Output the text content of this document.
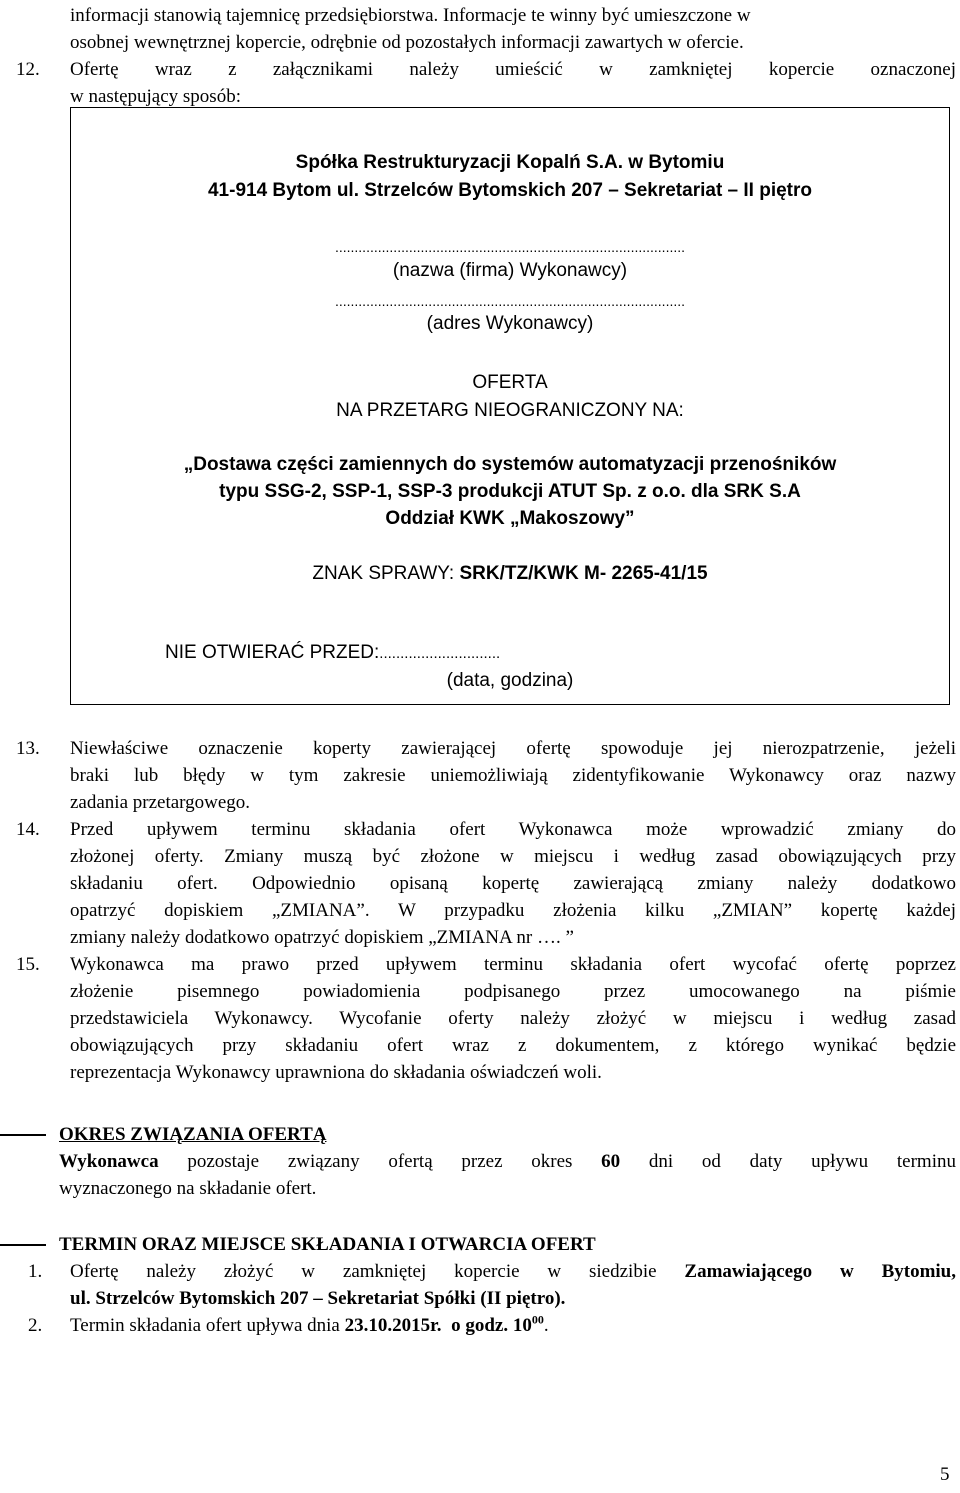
informacji stanowią tajemnicę przedsiębiorstwa. Informacje te winny być umieszczone w
osobnej wewnętrznej kopercie, odrębnie od pozostałych informacji zawartych w ofercie.
12. Ofertę wraz z załącznikami należy umieścić w zamkniętej kopercie oznaczonej
w następujący sposób:
Spółka Restrukturyzacji Kopalń S.A. w Bytomiu
41-914 Bytom ul. Strzelców Bytomskich 207 – Sekretariat – II piętro
..........................................................................................
(nazwa (firma) Wykonawcy)
..........................................................................................
(adres Wykonawcy)
OFERTA
NA PRZETARG NIEOGRANICZONY NA:
„Dostawa części zamiennych do systemów automatyzacji przenośników
typu SSG-2, SSP-1, SSP-3 produkcji ATUT Sp. z o.o. dla SRK S.A
Oddział KWK „Makoszowy”
ZNAK SPRAWY: SRK/TZ/KWK M- 2265-41/15
NIE OTWIERAĆ PRZED:.............................
(data, godzina)
13. Niewłaściwe oznaczenie koperty zawierającej ofertę spowoduje jej nierozpatrzenie, jeżeli
braki lub błędy w tym zakresie uniemożliwiają zidentyfikowanie Wykonawcy oraz nazwy
zadania przetargowego.
14. Przed upływem terminu składania ofert Wykonawca może wprowadzić zmiany do
złożonej oferty. Zmiany muszą być złożone w miejscu i według zasad obowiązujących przy
składaniu ofert. Odpowiednio opisaną kopertę zawierającą zmiany należy dodatkowo
opatrzyć dopiskiem „ZMIANA”. W przypadku złożenia kilku „ZMIAN” kopertę każdej
zmiany należy dodatkowo opatrzyć dopiskiem „ZMIANA nr …. ”
15. Wykonawca ma prawo przed upływem terminu składania ofert wycofać ofertę poprzez
złożenie pisemnego powiadomienia podpisanego przez umocowanego na piśmie
przedstawiciela Wykonawcy. Wycofanie oferty należy złożyć w miejscu i według zasad
obowiązujących przy składaniu ofert wraz z dokumentem, z którego wynikać będzie
reprezentacja Wykonawcy uprawniona do składania oświadczeń woli.
OKRES ZWIĄZANIA OFERTĄ
Wykonawca pozostaje związany ofertą przez okres 60 dni od daty upływu terminu
wyznaczonego na składanie ofert.
TERMIN ORAZ MIEJSCE SKŁADANIA I OTWARCIA OFERT
1. Ofertę należy złożyć w zamkniętej kopercie w siedzibie Zamawiającego w Bytomiu,
ul. Strzelców Bytomskich 207 – Sekretariat Spółki (II piętro).
2. Termin składania ofert upływa dnia 23.10.2015r. o godz. $10^{00}$.
5
